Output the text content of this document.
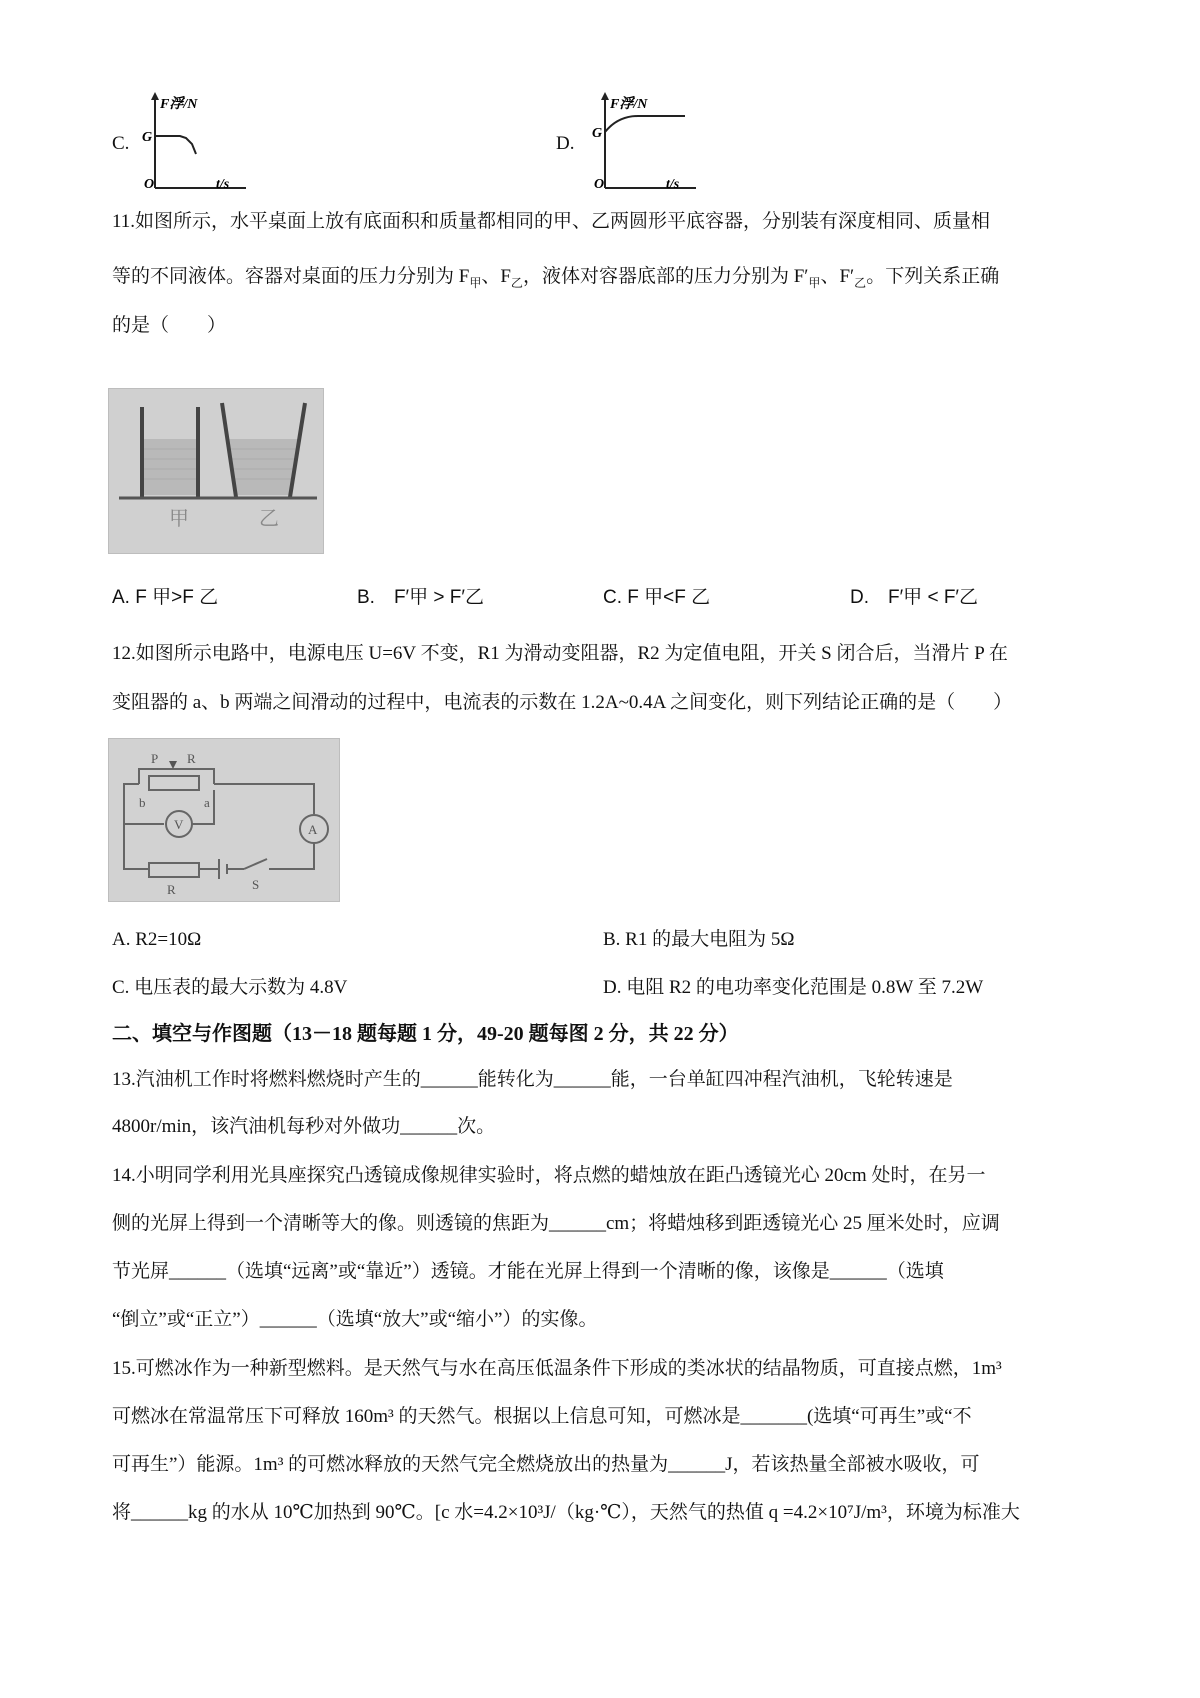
C.
F浮/N
G
O	t/s
D.
F浮/N
G
O	t/s
11.如图所示，水平桌面上放有底面积和质量都相同的甲、乙两圆形平底容器，分别装有深度相同、质量相
等的不同液体。容器对桌面的压力分别为 $F_甲$、$F_乙$，液体对容器底部的压力分别为 $F'_甲$、$F'_乙$。下列关系正确
的是（　　）
甲	乙
A. F 甲>F 乙	B.　F′甲 > F′乙	C. F 甲<F 乙	D.　F′甲 < F′乙
12.如图所示电路中，电源电压 U=6V 不变，R1 为滑动变阻器，R2 为定值电阻，开关 S 闭合后，当滑片 P 在
变阻器的 a、b 两端之间滑动的过程中，电流表的示数在 1.2A~0.4A 之间变化，则下列结论正确的是（　　）
P R
b	a
V	A
R	S
A. R2=10Ω	B. R1 的最大电阻为 5Ω
C. 电压表的最大示数为 4.8V	D. 电阻 R2 的电功率变化范围是 0.8W 至 7.2W
二、填空与作图题（13－18 题每题 1 分，49-20 题每图 2 分，共 22 分）
13.汽油机工作时将燃料燃烧时产生的______能转化为______能，一台单缸四冲程汽油机，飞轮转速是
4800r/min，该汽油机每秒对外做功______次。
14.小明同学利用光具座探究凸透镜成像规律实验时，将点燃的蜡烛放在距凸透镜光心 20cm 处时，在另一
侧的光屏上得到一个清晰等大的像。则透镜的焦距为______cm；将蜡烛移到距透镜光心 25 厘米处时，应调
节光屏______（选填“远离”或“靠近”）透镜。才能在光屏上得到一个清晰的像，该像是______（选填
“倒立”或“正立”）______（选填“放大”或“缩小”）的实像。
15.可燃冰作为一种新型燃料。是天然气与水在高压低温条件下形成的类冰状的结晶物质，可直接点燃，1m³
可燃冰在常温常压下可释放 160m³ 的天然气。根据以上信息可知，可燃冰是_______(选填“可再生”或“不
可再生”）能源。1m³ 的可燃冰释放的天然气完全燃烧放出的热量为______J，若该热量全部被水吸收，可
将______kg 的水从 10℃加热到 90℃。[c 水=4.2×10³J/（kg·℃），天然气的热值 q =4.2×10⁷J/m³，环境为标准大
